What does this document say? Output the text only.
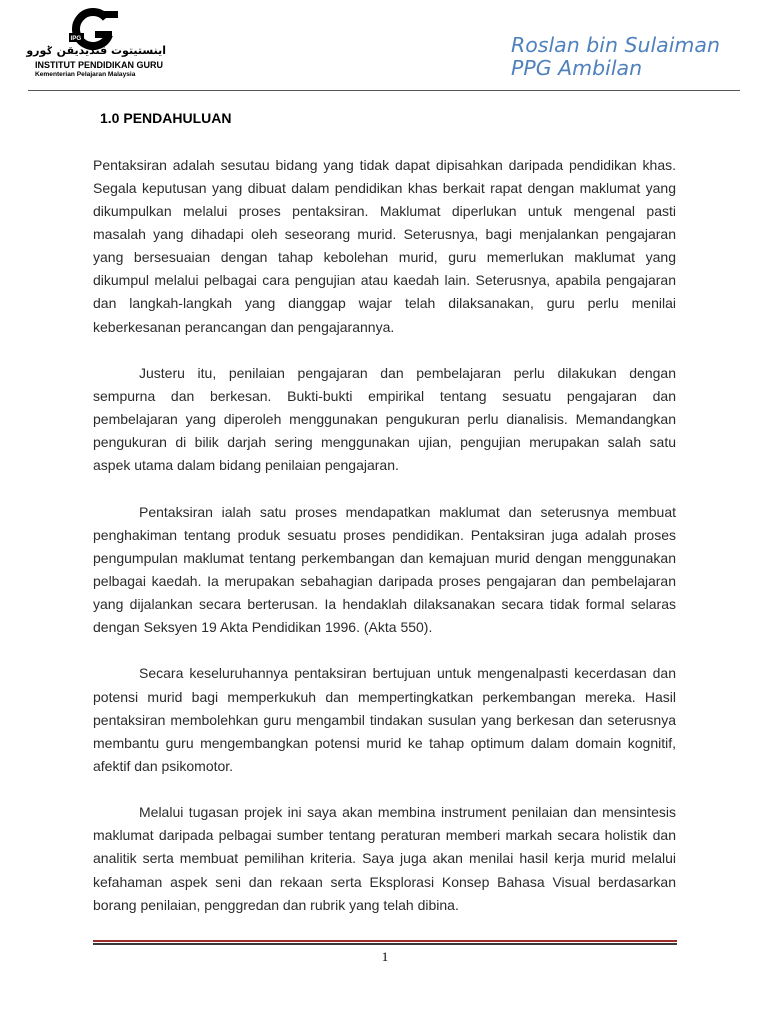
IPG
اينستيتوت ڤنديديقن ݢورو
INSTITUT PENDIDIKAN GURU
Kementerian Pelajaran Malaysia
Roslan bin Sulaiman
PPG Ambilan
1.0 PENDAHULUAN
Pentaksiran adalah sesutau bidang yang tidak dapat dipisahkan daripada pendidikan khas.
Segala keputusan yang dibuat dalam pendidikan khas berkait rapat dengan maklumat yang
dikumpulkan melalui proses pentaksiran. Maklumat diperlukan untuk mengenal pasti
masalah yang dihadapi oleh seseorang murid. Seterusnya, bagi menjalankan pengajaran
yang bersesuaian dengan tahap kebolehan murid, guru memerlukan maklumat yang
dikumpul melalui pelbagai cara pengujian atau kaedah lain. Seterusnya, apabila pengajaran
dan langkah-langkah yang dianggap wajar telah dilaksanakan, guru perlu menilai
keberkesanan perancangan dan pengajarannya.
Justeru itu, penilaian pengajaran dan pembelajaran perlu dilakukan dengan
sempurna dan berkesan. Bukti-bukti empirikal tentang sesuatu pengajaran dan
pembelajaran yang diperoleh menggunakan pengukuran perlu dianalisis. Memandangkan
pengukuran di bilik darjah sering menggunakan ujian, pengujian merupakan salah satu
aspek utama dalam bidang penilaian pengajaran.
Pentaksiran ialah satu proses mendapatkan maklumat dan seterusnya membuat
penghakiman tentang produk sesuatu proses pendidikan. Pentaksiran juga adalah proses
pengumpulan maklumat tentang perkembangan dan kemajuan murid dengan menggunakan
pelbagai kaedah. Ia merupakan sebahagian daripada proses pengajaran dan pembelajaran
yang dijalankan secara berterusan. Ia hendaklah dilaksanakan secara tidak formal selaras
dengan Seksyen 19 Akta Pendidikan 1996. (Akta 550).
Secara keseluruhannya pentaksiran bertujuan untuk mengenalpasti kecerdasan dan
potensi murid bagi memperkukuh dan mempertingkatkan perkembangan mereka. Hasil
pentaksiran membolehkan guru mengambil tindakan susulan yang berkesan dan seterusnya
membantu guru mengembangkan potensi murid ke tahap optimum dalam domain kognitif,
afektif dan psikomotor.
Melalui tugasan projek ini saya akan membina instrument penilaian dan mensintesis
maklumat daripada pelbagai sumber tentang peraturan memberi markah secara holistik dan
analitik serta membuat pemilihan kriteria. Saya juga akan menilai hasil kerja murid melalui
kefahaman aspek seni dan rekaan serta Eksplorasi Konsep Bahasa Visual berdasarkan
borang penilaian, penggredan dan rubrik yang telah dibina.
1
